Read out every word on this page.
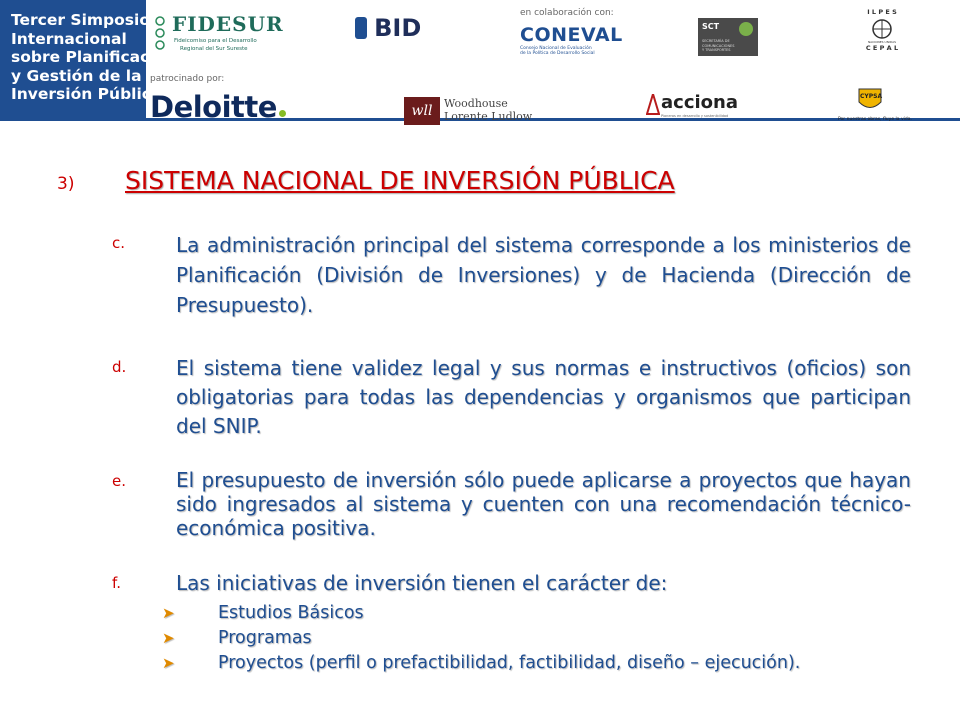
Tercer Simposio
Internacional
sobre Planificación
y Gestión de la
Inversión Pública
FIDESUR
Fideicomiso para el Desarrollo
Regional del Sur Sureste
BID
en colaboración con:
CONEVAL
Consejo Nacional de Evaluación
de la Política de Desarrollo Social
SCT
SECRETARÍA DE
COMUNICACIONES
Y TRANSPORTES
I L P E S
NACIONES UNIDAS
C E P A L
patrocinado por:
Deloitte	wll	Woodhouse
Lorente Ludlow
acciona
Pioneros en desarrollo y sostenibilidad
CYPSA
Por nuestras obras, fluye la vida.
3)	SISTEMA NACIONAL DE INVERSIÓN PÚBLICA
c.	La administración principal del sistema corresponde a los ministerios de Planificación (División de Inversiones) y de Hacienda (Dirección de Presupuesto).
d.	El sistema tiene validez legal y sus normas e instructivos (oficios) son obligatorias para todas las dependencias y organismos que participan del SNIP.
e.	El presupuesto de inversión sólo puede aplicarse a proyectos que hayan sido ingresados al sistema y cuenten con una recomendación técnico-económica positiva.
f.	Las iniciativas de inversión tienen el carácter de:
➤	Estudios Básicos
➤	Programas
➤	Proyectos (perfil o prefactibilidad, factibilidad, diseño – ejecución).
